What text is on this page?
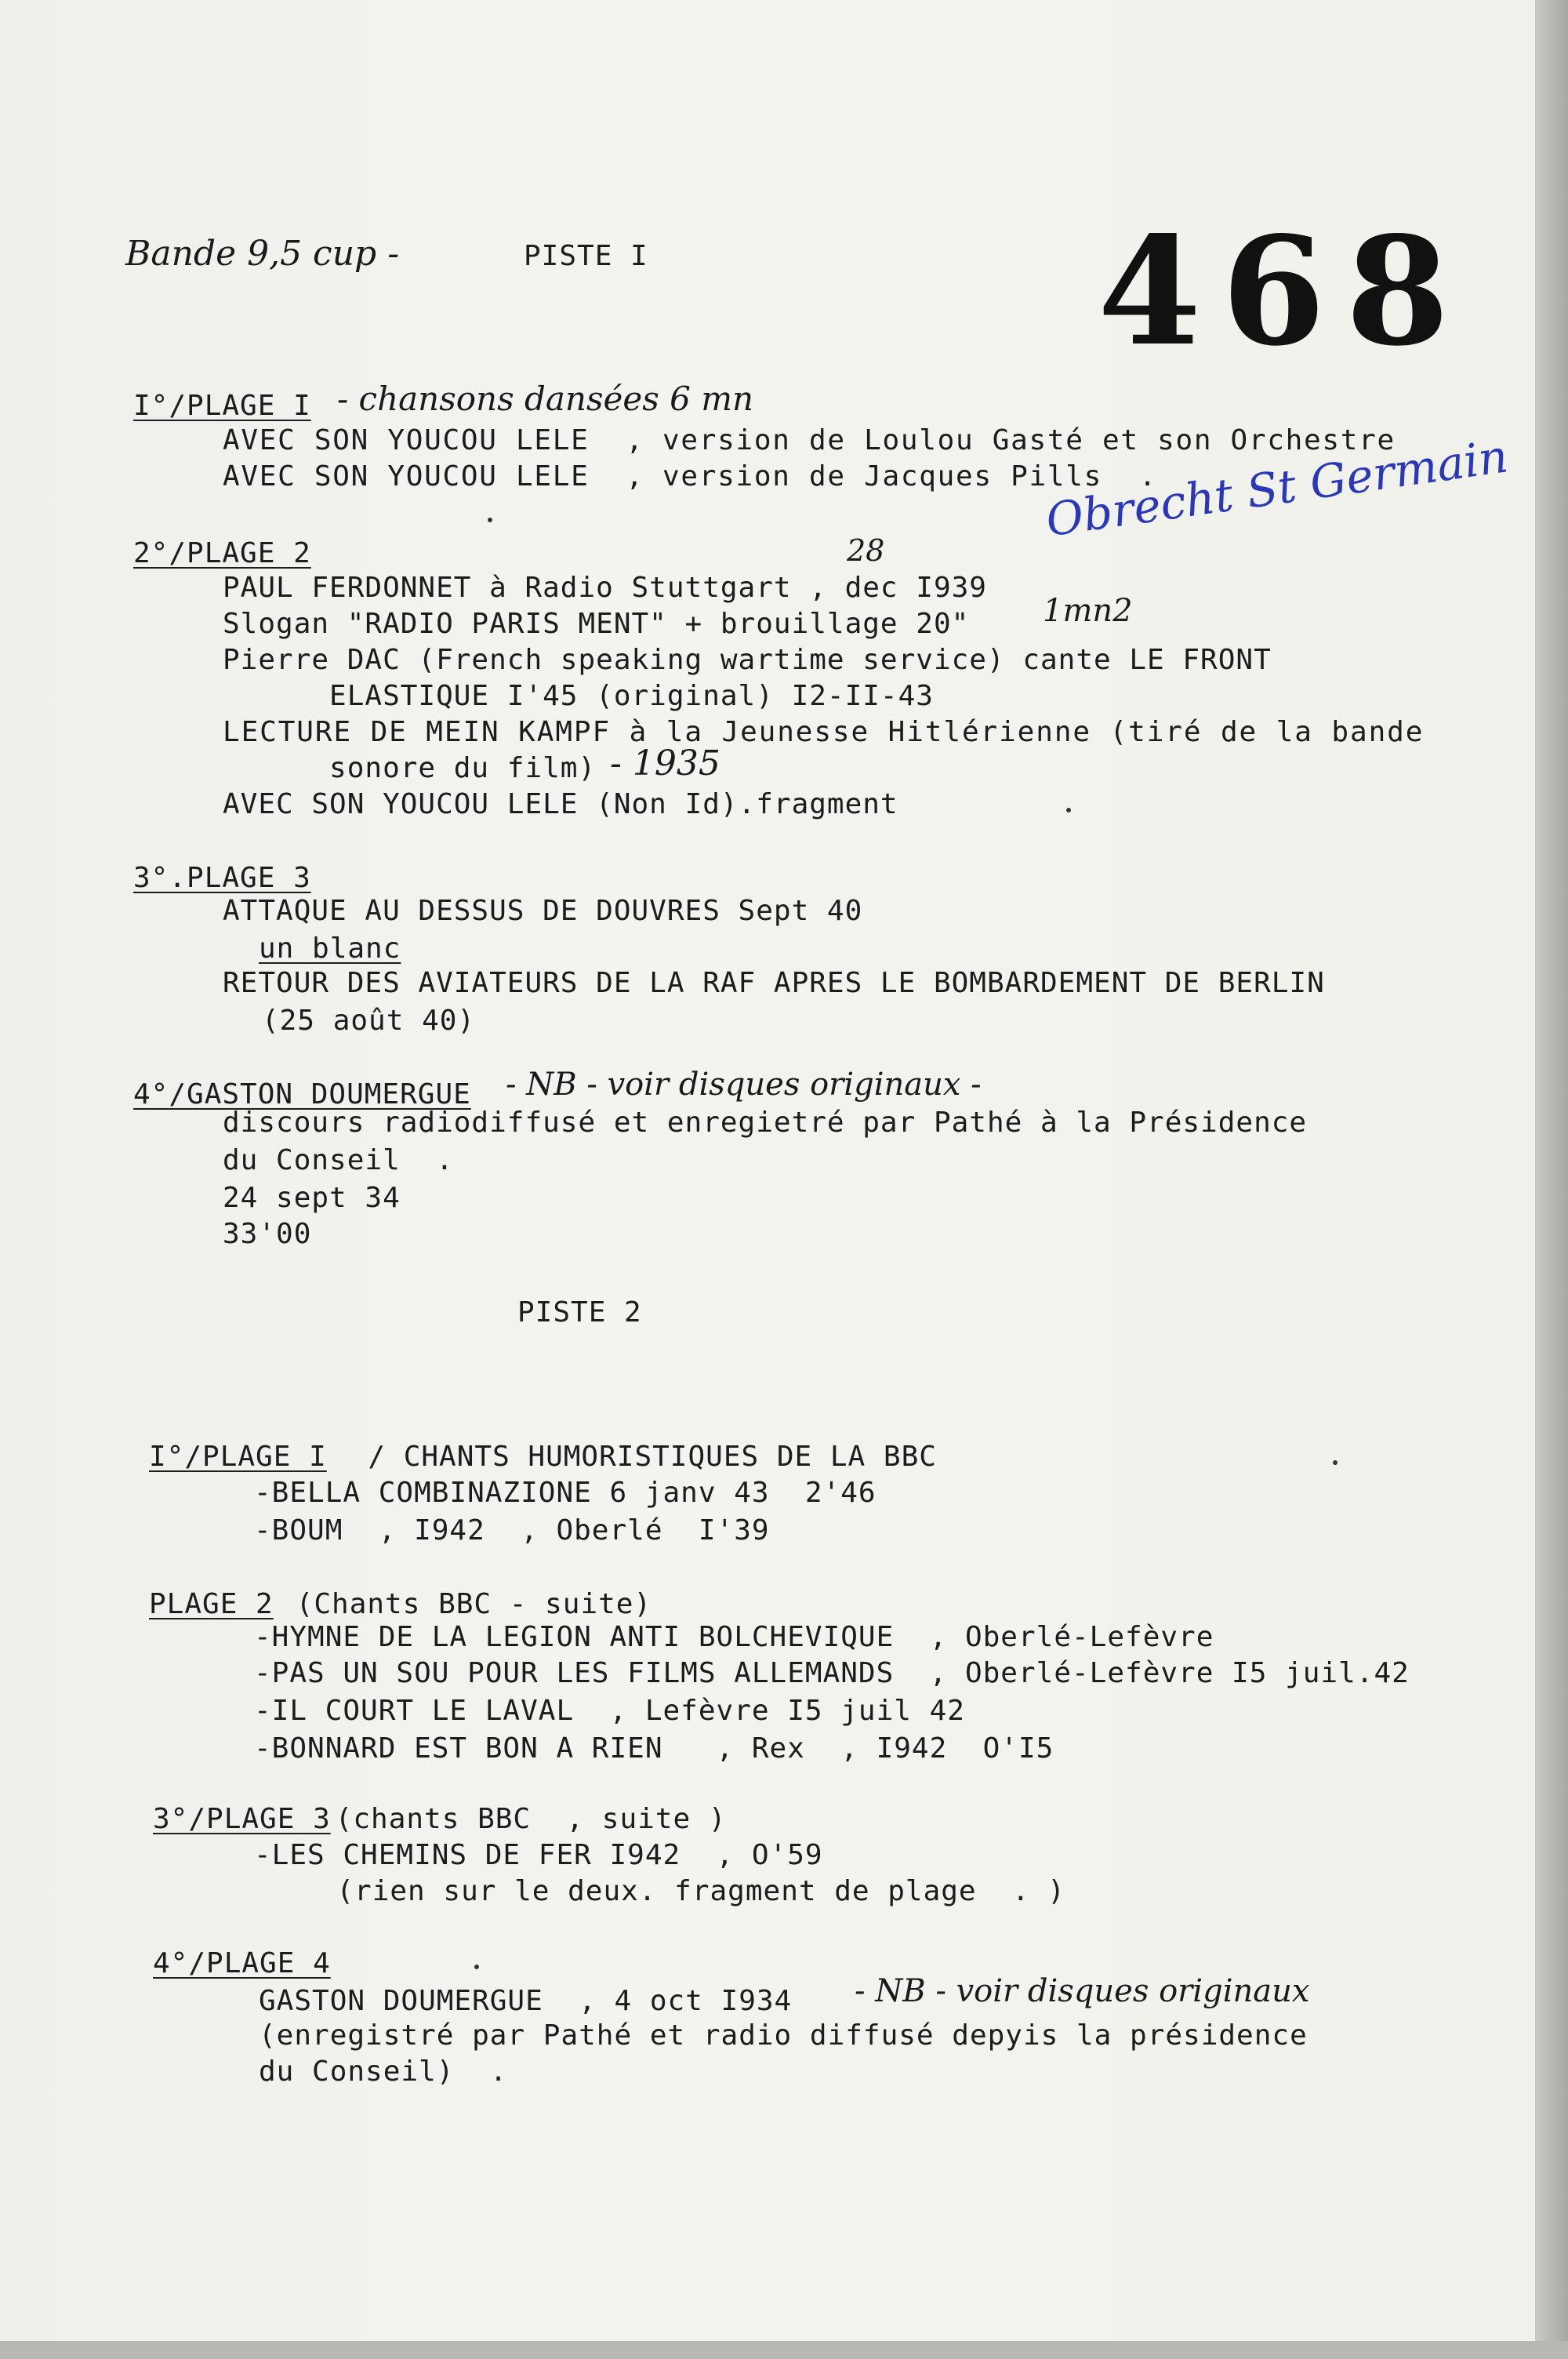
Bande 9,5 cup -	PISTE I	468
I°/PLAGE I - chansons dansées 6 mn
AVEC SON YOUCOU LELE  , version de Loulou Gasté et son Orchestre
AVEC SON YOUCOU LELE  , version de Jacques Pills  .
2°/PLAGE 2	28
Obrecht St Germain
PAUL FERDONNET à Radio Stuttgart , dec I939
Slogan "RADIO PARIS MENT" + brouillage 20" 1mn2
Pierre DAC (French speaking wartime service) cante LE FRONT
ELASTIQUE I'45 (original) I2-II-43
LECTURE DE MEIN KAMPF à la Jeunesse Hitlérienne (tiré de la bande
sonore du film) - 1935
AVEC SON YOUCOU LELE (Non Id).fragment
3°.PLAGE 3
ATTAQUE AU DESSUS DE DOUVRES Sept 40
un blanc
RETOUR DES AVIATEURS DE LA RAF APRES LE BOMBARDEMENT DE BERLIN
(25 août 40)
4°/GASTON DOUMERGUE - NB - voir disques originaux -
discours radiodiffusé et enregietré par Pathé à la Présidence
du Conseil  .
24 sept 34
33'00
PISTE 2
I°/PLAGE I / CHANTS HUMORISTIQUES DE LA BBC
-BELLA COMBINAZIONE 6 janv 43  2'46
-BOUM  , I942  , Oberlé  I'39
PLAGE 2 (Chants BBC - suite)
-HYMNE DE LA LEGION ANTI BOLCHEVIQUE  , Oberlé-Lefèvre
-PAS UN SOU POUR LES FILMS ALLEMANDS  , Oberlé-Lefèvre I5 juil.42
-IL COURT LE LAVAL  , Lefèvre I5 juil 42
-BONNARD EST BON A RIEN   , Rex  , I942  O'I5
3°/PLAGE 3
(chants BBC  , suite )
-LES CHEMINS DE FER I942  , O'59
(rien sur le deux. fragment de plage  . )
4°/PLAGE 4
GASTON DOUMERGUE  , 4 oct I934 - NB - voir disques originaux
(enregistré par Pathé et radio diffusé depyis la présidence
du Conseil)  .
